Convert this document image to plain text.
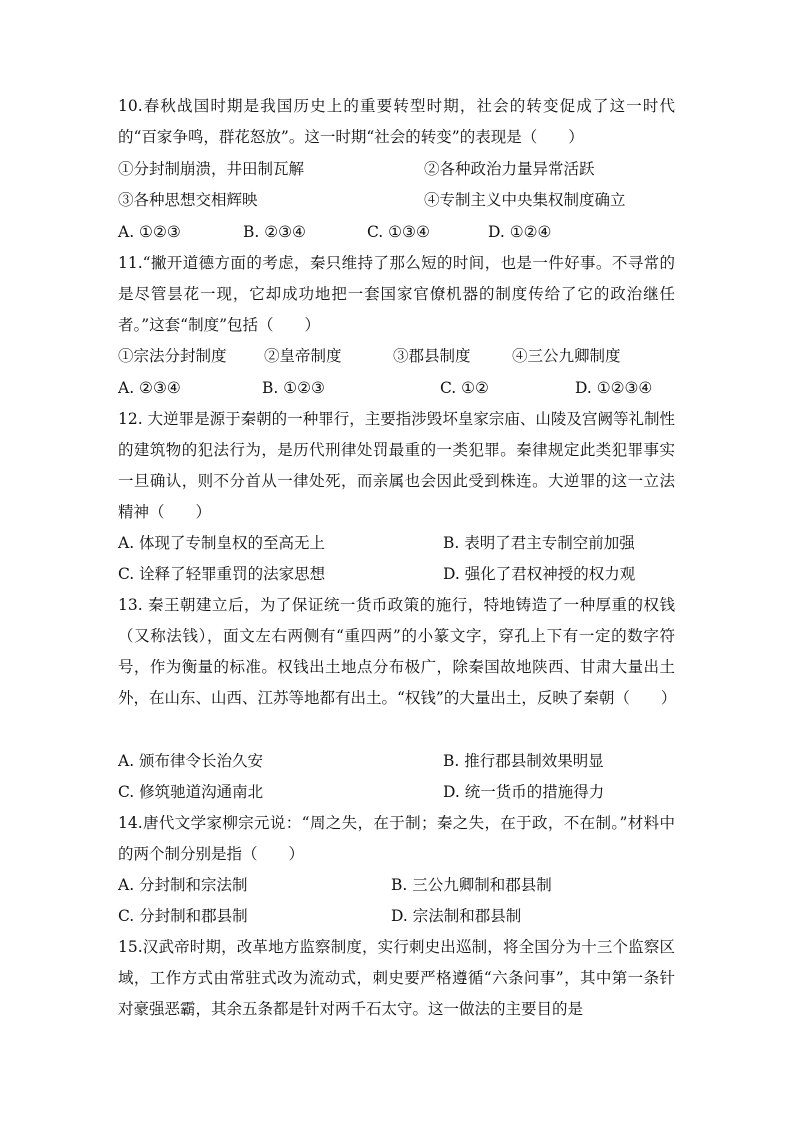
10.春秋战国时期是我国历史上的重要转型时期，社会的转变促成了这一时代的“百家争鸣，群花怒放”。这一时期“社会的转变”的表现是（　　）
①分封制崩溃，井田制瓦解	②各种政治力量异常活跃
③各种思想交相辉映	④专制主义中央集权制度确立
A. ①②③	B. ②③④	C. ①③④	D. ①②④
11.“撇开道德方面的考虑，秦只维持了那么短的时间，也是一件好事。不寻常的是尽管昙花一现，它却成功地把一套国家官僚机器的制度传给了它的政治继任者。”这套“制度”包括（　　）
①宗法分封制度 ②皇帝制度	③郡县制度	④三公九卿制度
A. ②③④	B. ①②③	C. ①②	D. ①②③④
12. 大逆罪是源于秦朝的一种罪行，主要指涉毁坏皇家宗庙、山陵及宫阙等礼制性的建筑物的犯法行为，是历代刑律处罚最重的一类犯罪。秦律规定此类犯罪事实一旦确认，则不分首从一律处死，而亲属也会因此受到株连。大逆罪的这一立法精神（　　）
A. 体现了专制皇权的至高无上	B. 表明了君主专制空前加强
C. 诠释了轻罪重罚的法家思想	D. 强化了君权神授的权力观
13. 秦王朝建立后，为了保证统一货币政策的施行，特地铸造了一种厚重的权钱（又称法钱），面文左右两侧有“重四两”的小篆文字，穿孔上下有一定的数字符号，作为衡量的标准。权钱出土地点分布极广，除秦国故地陕西、甘肃大量出土外，在山东、山西、江苏等地都有出土。“权钱”的大量出土，反映了秦朝（　　）
A. 颁布律令长治久安	B. 推行郡县制效果明显
C. 修筑驰道沟通南北	D. 统一货币的措施得力
14.唐代文学家柳宗元说：“周之失，在于制；秦之失，在于政，不在制。”材料中的两个制分别是指（　　）
A. 分封制和宗法制	B. 三公九卿制和郡县制
C. 分封制和郡县制	D. 宗法制和郡县制
15.汉武帝时期，改革地方监察制度，实行刺史出巡制，将全国分为十三个监察区域，工作方式由常驻式改为流动式，刺史要严格遵循“六条问事”，其中第一条针对豪强恶霸，其余五条都是针对两千石太守。这一做法的主要目的是
